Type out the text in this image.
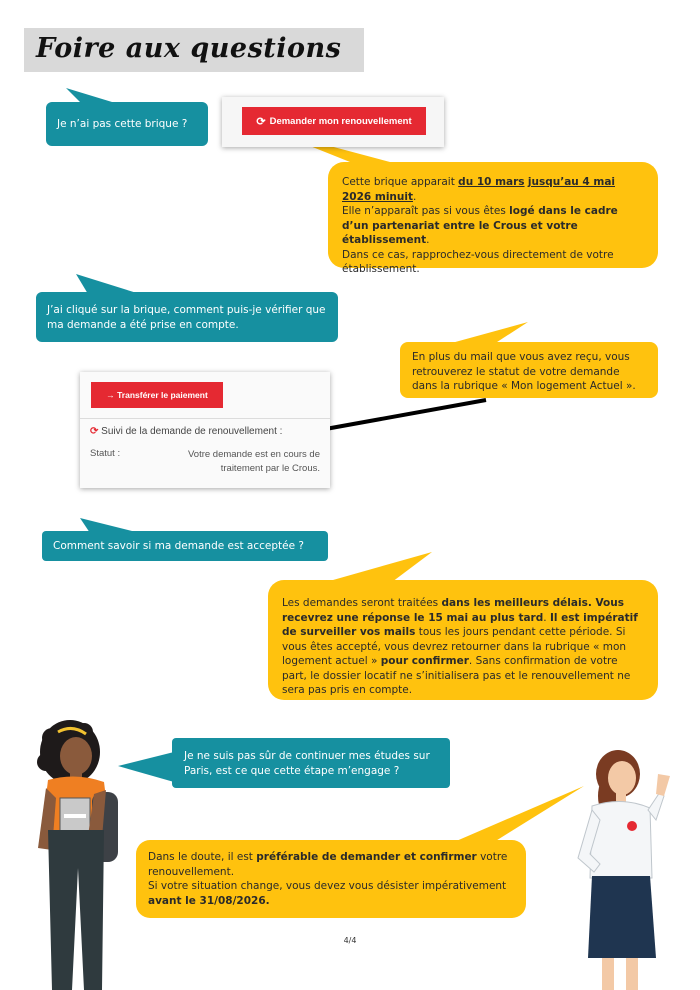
Foire aux questions
Je n’ai pas cette brique ?	⟳ Demander mon renouvellement
Cette brique apparait du 10 mars jusqu’au 4 mai 2026 minuit.
Elle n’apparaît pas si vous êtes logé dans le cadre d’un partenariat entre le Crous et votre établissement.
Dans ce cas, rapprochez-vous directement de votre établissement.
J’ai cliqué sur la brique, comment puis-je vérifier que ma demande a été prise en compte.
En plus du mail que vous avez reçu, vous retrouverez le statut de votre demande dans la rubrique « Mon logement Actuel ».
→ Transférer le paiement
⟳ Suivi de la demande de renouvellement :
Statut :	Votre demande est en cours de traitement par le Crous.
Comment savoir si ma demande est acceptée ?
Les demandes seront traitées dans les meilleurs délais. Vous recevrez une réponse le 15 mai au plus tard. Il est impératif de surveiller vos mails tous les jours pendant cette période. Si vous êtes accepté, vous devrez retourner dans la rubrique « mon logement actuel » pour confirmer. Sans confirmation de votre part, le dossier locatif ne s’initialisera pas et le renouvellement ne sera pas pris en compte.
Je ne suis pas sûr de continuer mes études sur Paris, est ce que cette étape m’engage ?
Dans le doute, il est préférable de demander et confirmer votre renouvellement.
Si votre situation change, vous devez vous désister impérativement avant le 31/08/2026.
4/4
